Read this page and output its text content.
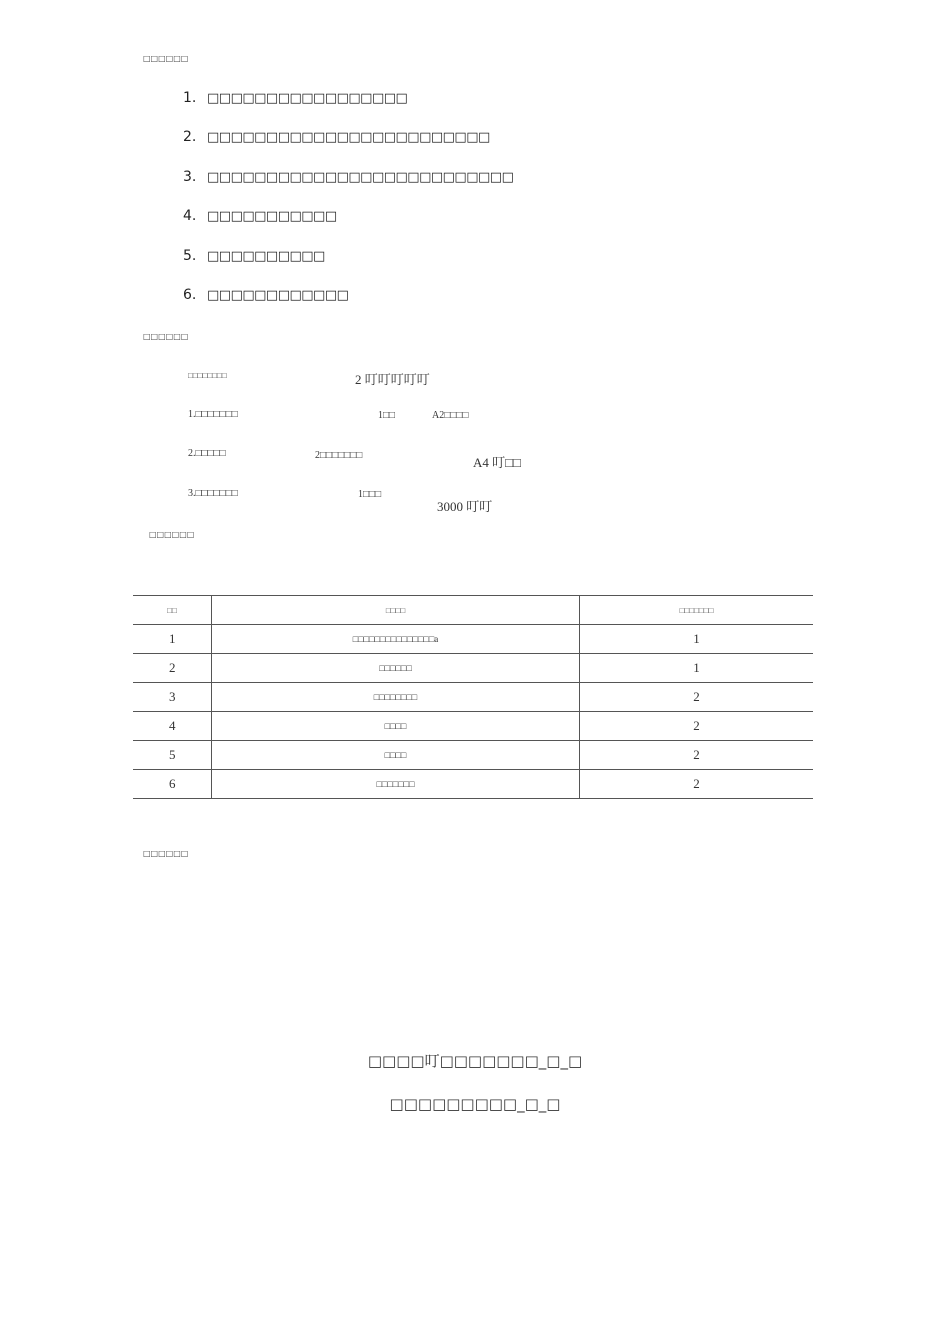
□□□□□□
1. □□□□□□□□□□□□□□□□□
2. □□□□□□□□□□□□□□□□□□□□□□□□
3. □□□□□□□□□□□□□□□□□□□□□□□□□□
4. □□□□□□□□□□□
5. □□□□□□□□□□
6. □□□□□□□□□□□□
□□□□□□
□□□□□□□□	2 叮叮叮叮叮
1.□□□□□□□	1□□	A2□□□□
2.□□□□□	2□□□□□□□	A4 叮□□
3.□□□□□□□	1□□□
3000 叮叮
□□□□□□
□□	□□□□	□□□□□□□
1	□□□□□□□□□□□□□□□a	1
2	□□□□□□	1
3	□□□□□□□□	2
4	□□□□	2
5	□□□□	2
6	□□□□□□□	2
□□□□□□
□□□□叮□□□□□□□_□_□
□□□□□□□□□_□_□
